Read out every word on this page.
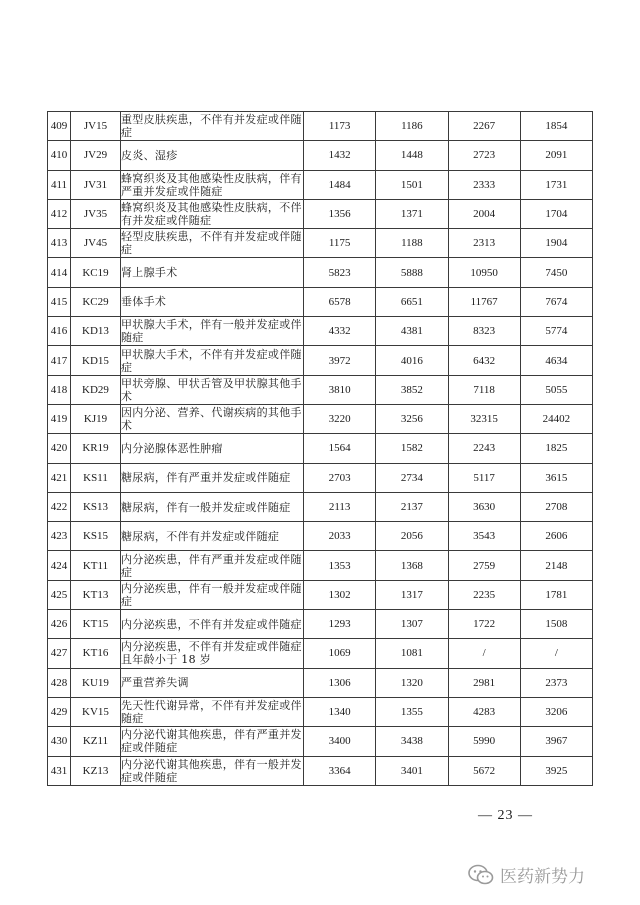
409	JV15	重型皮肤疾患，不伴有并发症或伴随症	1173	1186	2267	1854
410	JV29	皮炎、湿疹	1432	1448	2723	2091
411	JV31	蜂窝织炎及其他感染性皮肤病，伴有严重并发症或伴随症	1484	1501	2333	1731
412	JV35	蜂窝织炎及其他感染性皮肤病，不伴有并发症或伴随症	1356	1371	2004	1704
413	JV45	轻型皮肤疾患，不伴有并发症或伴随症	1175	1188	2313	1904
414	KC19	肾上腺手术	5823	5888	10950	7450
415	KC29	垂体手术	6578	6651	11767	7674
416	KD13	甲状腺大手术，伴有一般并发症或伴随症	4332	4381	8323	5774
417	KD15	甲状腺大手术，不伴有并发症或伴随症	3972	4016	6432	4634
418	KD29	甲状旁腺、甲状舌管及甲状腺其他手术	3810	3852	7118	5055
419	KJ19	因内分泌、营养、代谢疾病的其他手术	3220	3256	32315	24402
420	KR19	内分泌腺体恶性肿瘤	1564	1582	2243	1825
421	KS11	糖尿病，伴有严重并发症或伴随症	2703	2734	5117	3615
422	KS13	糖尿病，伴有一般并发症或伴随症	2113	2137	3630	2708
423	KS15	糖尿病，不伴有并发症或伴随症	2033	2056	3543	2606
424	KT11	内分泌疾患，伴有严重并发症或伴随症	1353	1368	2759	2148
425	KT13	内分泌疾患，伴有一般并发症或伴随症	1302	1317	2235	1781
426	KT15	内分泌疾患，不伴有并发症或伴随症	1293	1307	1722	1508
427	KT16	内分泌疾患，不伴有并发症或伴随症且年龄小于 18 岁	1069	1081	/	/
428	KU19	严重营养失调	1306	1320	2981	2373
429	KV15	先天性代谢异常，不伴有并发症或伴随症	1340	1355	4283	3206
430	KZ11	内分泌代谢其他疾患，伴有严重并发症或伴随症	3400	3438	5990	3967
431	KZ13	内分泌代谢其他疾患，伴有一般并发症或伴随症	3364	3401	5672	3925
— 23 —
医药新势力
